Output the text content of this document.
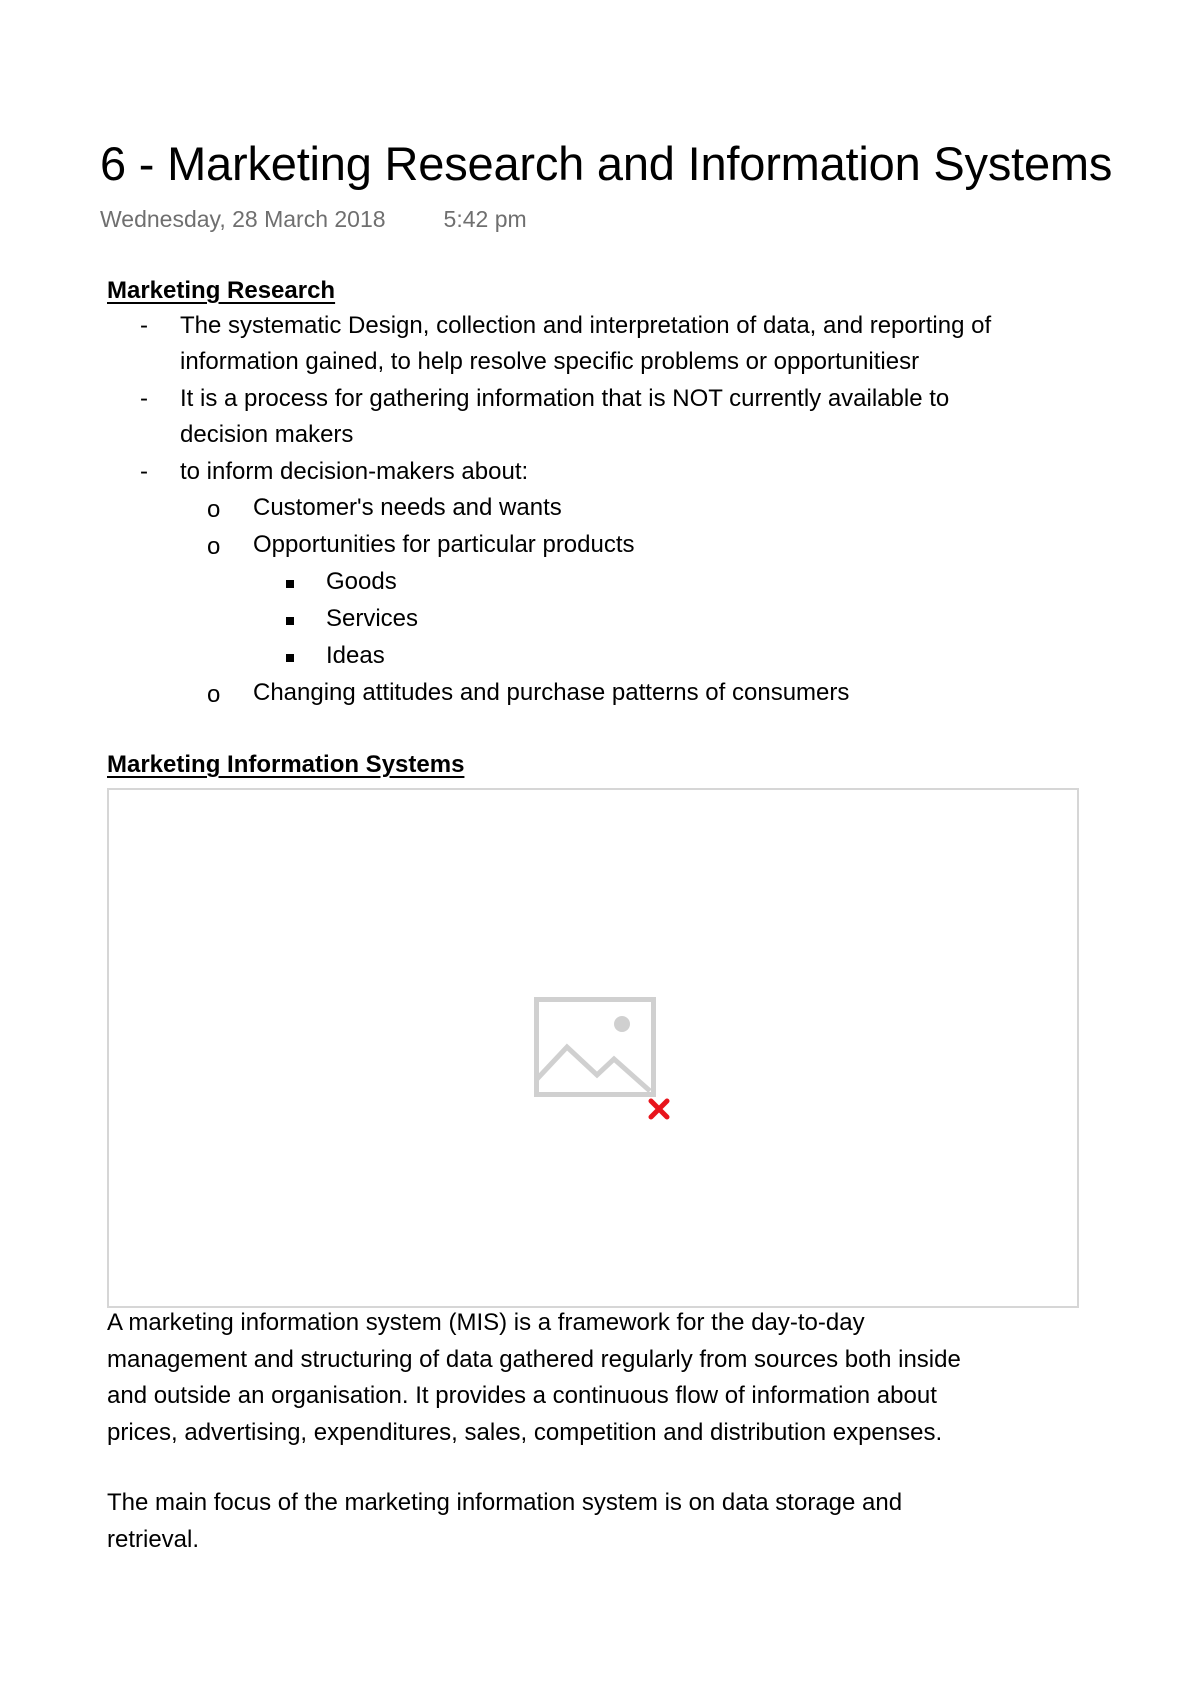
6 - Marketing Research and Information Systems
Wednesday, 28 March 2018	5:42 pm
Marketing Research
- The systematic Design, collection and interpretation of data, and reporting of
information gained, to help resolve specific problems or opportunitiesr
- It is a process for gathering information that is NOT currently available to
decision makers
- to inform decision-makers about:
o Customer's needs and wants
o Opportunities for particular products
Goods
Services
Ideas
o Changing attitudes and purchase patterns of consumers
Marketing Information Systems
A marketing information system (MIS) is a framework for the day-to-day
management and structuring of data gathered regularly from sources both inside
and outside an organisation. It provides a continuous flow of information about
prices, advertising, expenditures, sales, competition and distribution expenses.
The main focus of the marketing information system is on data storage and
retrieval.
